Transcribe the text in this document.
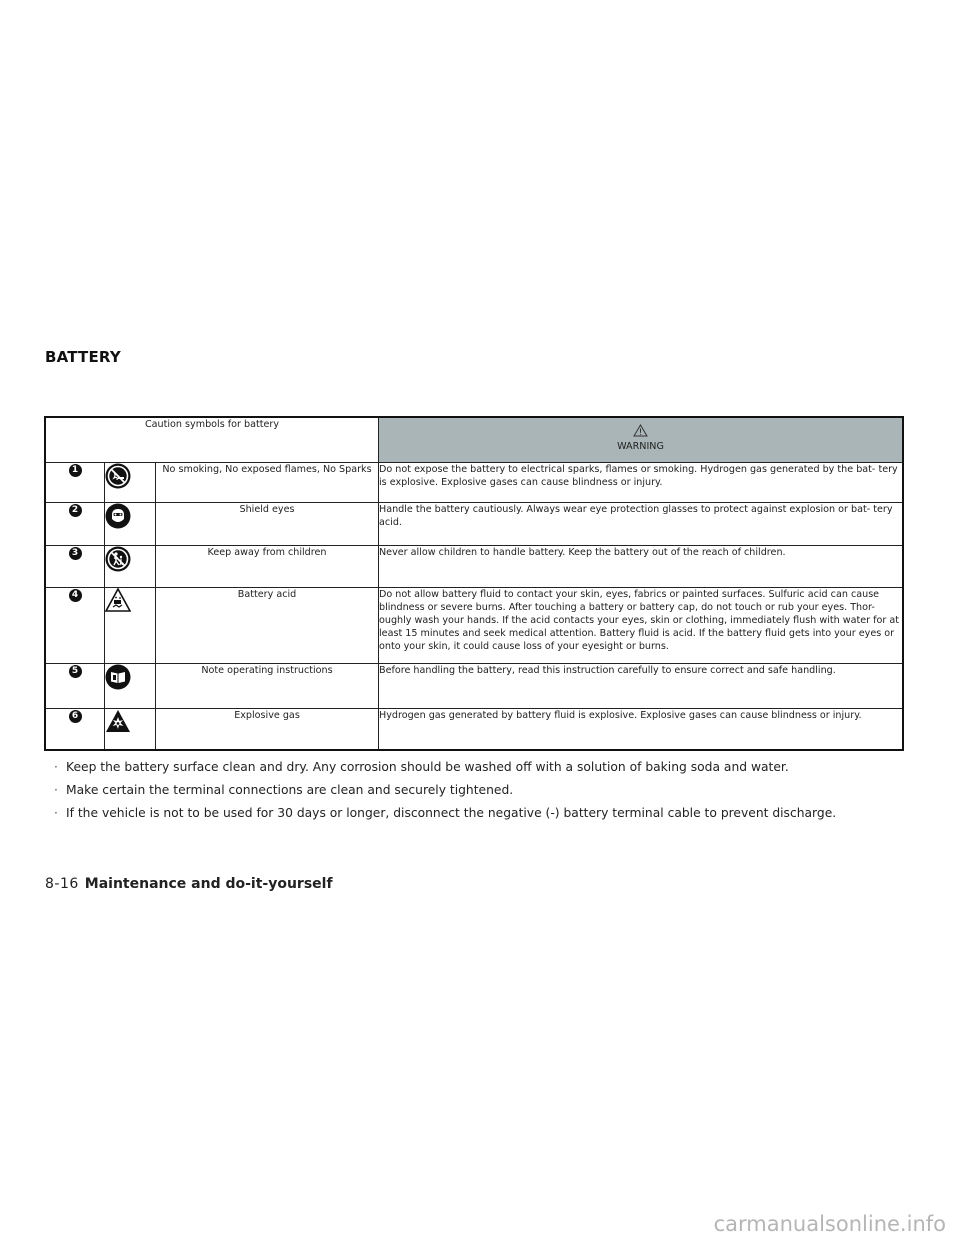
BATTERY
Caution symbols for battery			WARNING
1		No smoking, No exposed flames, No Sparks	Do not expose the battery to electrical sparks, flames or smoking. Hydrogen gas generated by the bat- tery is explosive. Explosive gases can cause blindness or injury.
2		Shield eyes	Handle the battery cautiously. Always wear eye protection glasses to protect against explosion or bat- tery acid.
3		Keep away from children	Never allow children to handle battery. Keep the battery out of the reach of children.
4		Battery acid	Do not allow battery fluid to contact your skin, eyes, fabrics or painted surfaces. Sulfuric acid can cause blindness or severe burns. After touching a battery or battery cap, do not touch or rub your eyes. Thor- oughly wash your hands. If the acid contacts your eyes, skin or clothing, immediately flush with water for at least 15 minutes and seek medical attention. Battery fluid is acid. If the battery fluid gets into your eyes or onto your skin, it could cause loss of your eyesight or burns.
5		Note operating instructions	Before handling the battery, read this instruction carefully to ensure correct and safe handling.
6		Explosive gas	Hydrogen gas generated by battery fluid is explosive. Explosive gases can cause blindness or injury.
· Keep the battery surface clean and dry. Any corrosion should be washed off with a solution of baking soda and water.
· Make certain the terminal connections are clean and securely tightened.
· If the vehicle is not to be used for 30 days or longer, disconnect the negative (-) battery terminal cable to prevent discharge.
8-16 Maintenance and do-it-yourself
carmanualsonline.info
